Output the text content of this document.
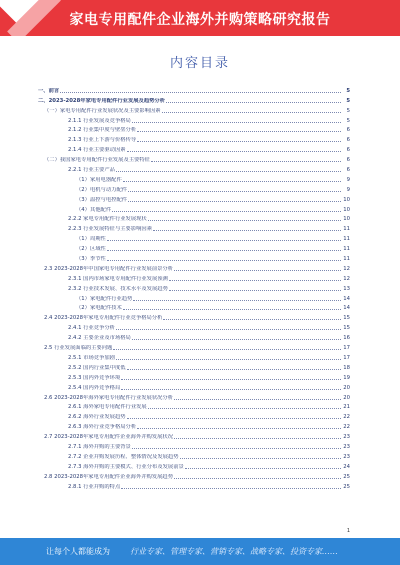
家电专用配件企业海外并购策略研究报告
内容目录
一、前言	5
二、2023-2028年家电专用配件行业发展及趋势分析	5
（一）家电专用配件行业发展状况及主要影响因素	5
2.1.1 行业发展及竞争格局	5
2.1.2 行业集中度与壁垒分析	6
2.1.3 行业上下游与价格传导	6
2.1.4 行业主要驱动因素	6
（二）我国家电专用配件行业发展及主要特征	6
2.2.1 行业主要产品	6
（1）家用电器配件	9
（2）电机与动力配件	9
（3）温控与电控配件	10
（4）其他配件	10
2.2.2 家电专用配件行业发展现状	10
2.2.3 行业发展特征与主要影响因素	11
（1）周期性	11
（2）区域性	11
（3）季节性	11
2.3 2023-2028年中国家电专用配件行业发展前景分析	12
2.3.1 国内市场家电专用配件行业发展预测	12
2.3.2 行业技术发展、技术水平及发展趋势	13
（1）家电配件行业趋势	14
（2）家电配件技术	14
2.4 2023-2028年家电专用配件行业竞争格局分析	15
2.4.1 行业竞争分析	15
2.4.2 主要企业及市场格局	16
2.5 行业发展面临的主要问题	17
2.5.1 市场竞争加剧	17
2.5.2 国内行业集中度低	18
2.5.3 国内外竞争环境	19
2.5.4 国内外竞争格局	20
2.6 2023-2028年海外家电专用配件行业发展状况分析	20
2.6.1 海外家电专用配件行业发展	21
2.6.2 海外行业发展趋势	22
2.6.3 海外行业竞争格局分析	22
2.7 2023-2028年家电专用配件企业海外并购发展状况	23
2.7.1 海外并购的主要背景	23
2.7.2 企业并购发展历程、整体情况及发展趋势	23
2.7.3 海外并购的主要模式、行业分布及发展前景	24
2.8 2023-2028年家电专用配件企业海外并购发展趋势	25
2.8.1 行业并购的特点	25
1
让每个人都能成为	行业专家、管理专家、营销专家、战略专家、投资专家……
